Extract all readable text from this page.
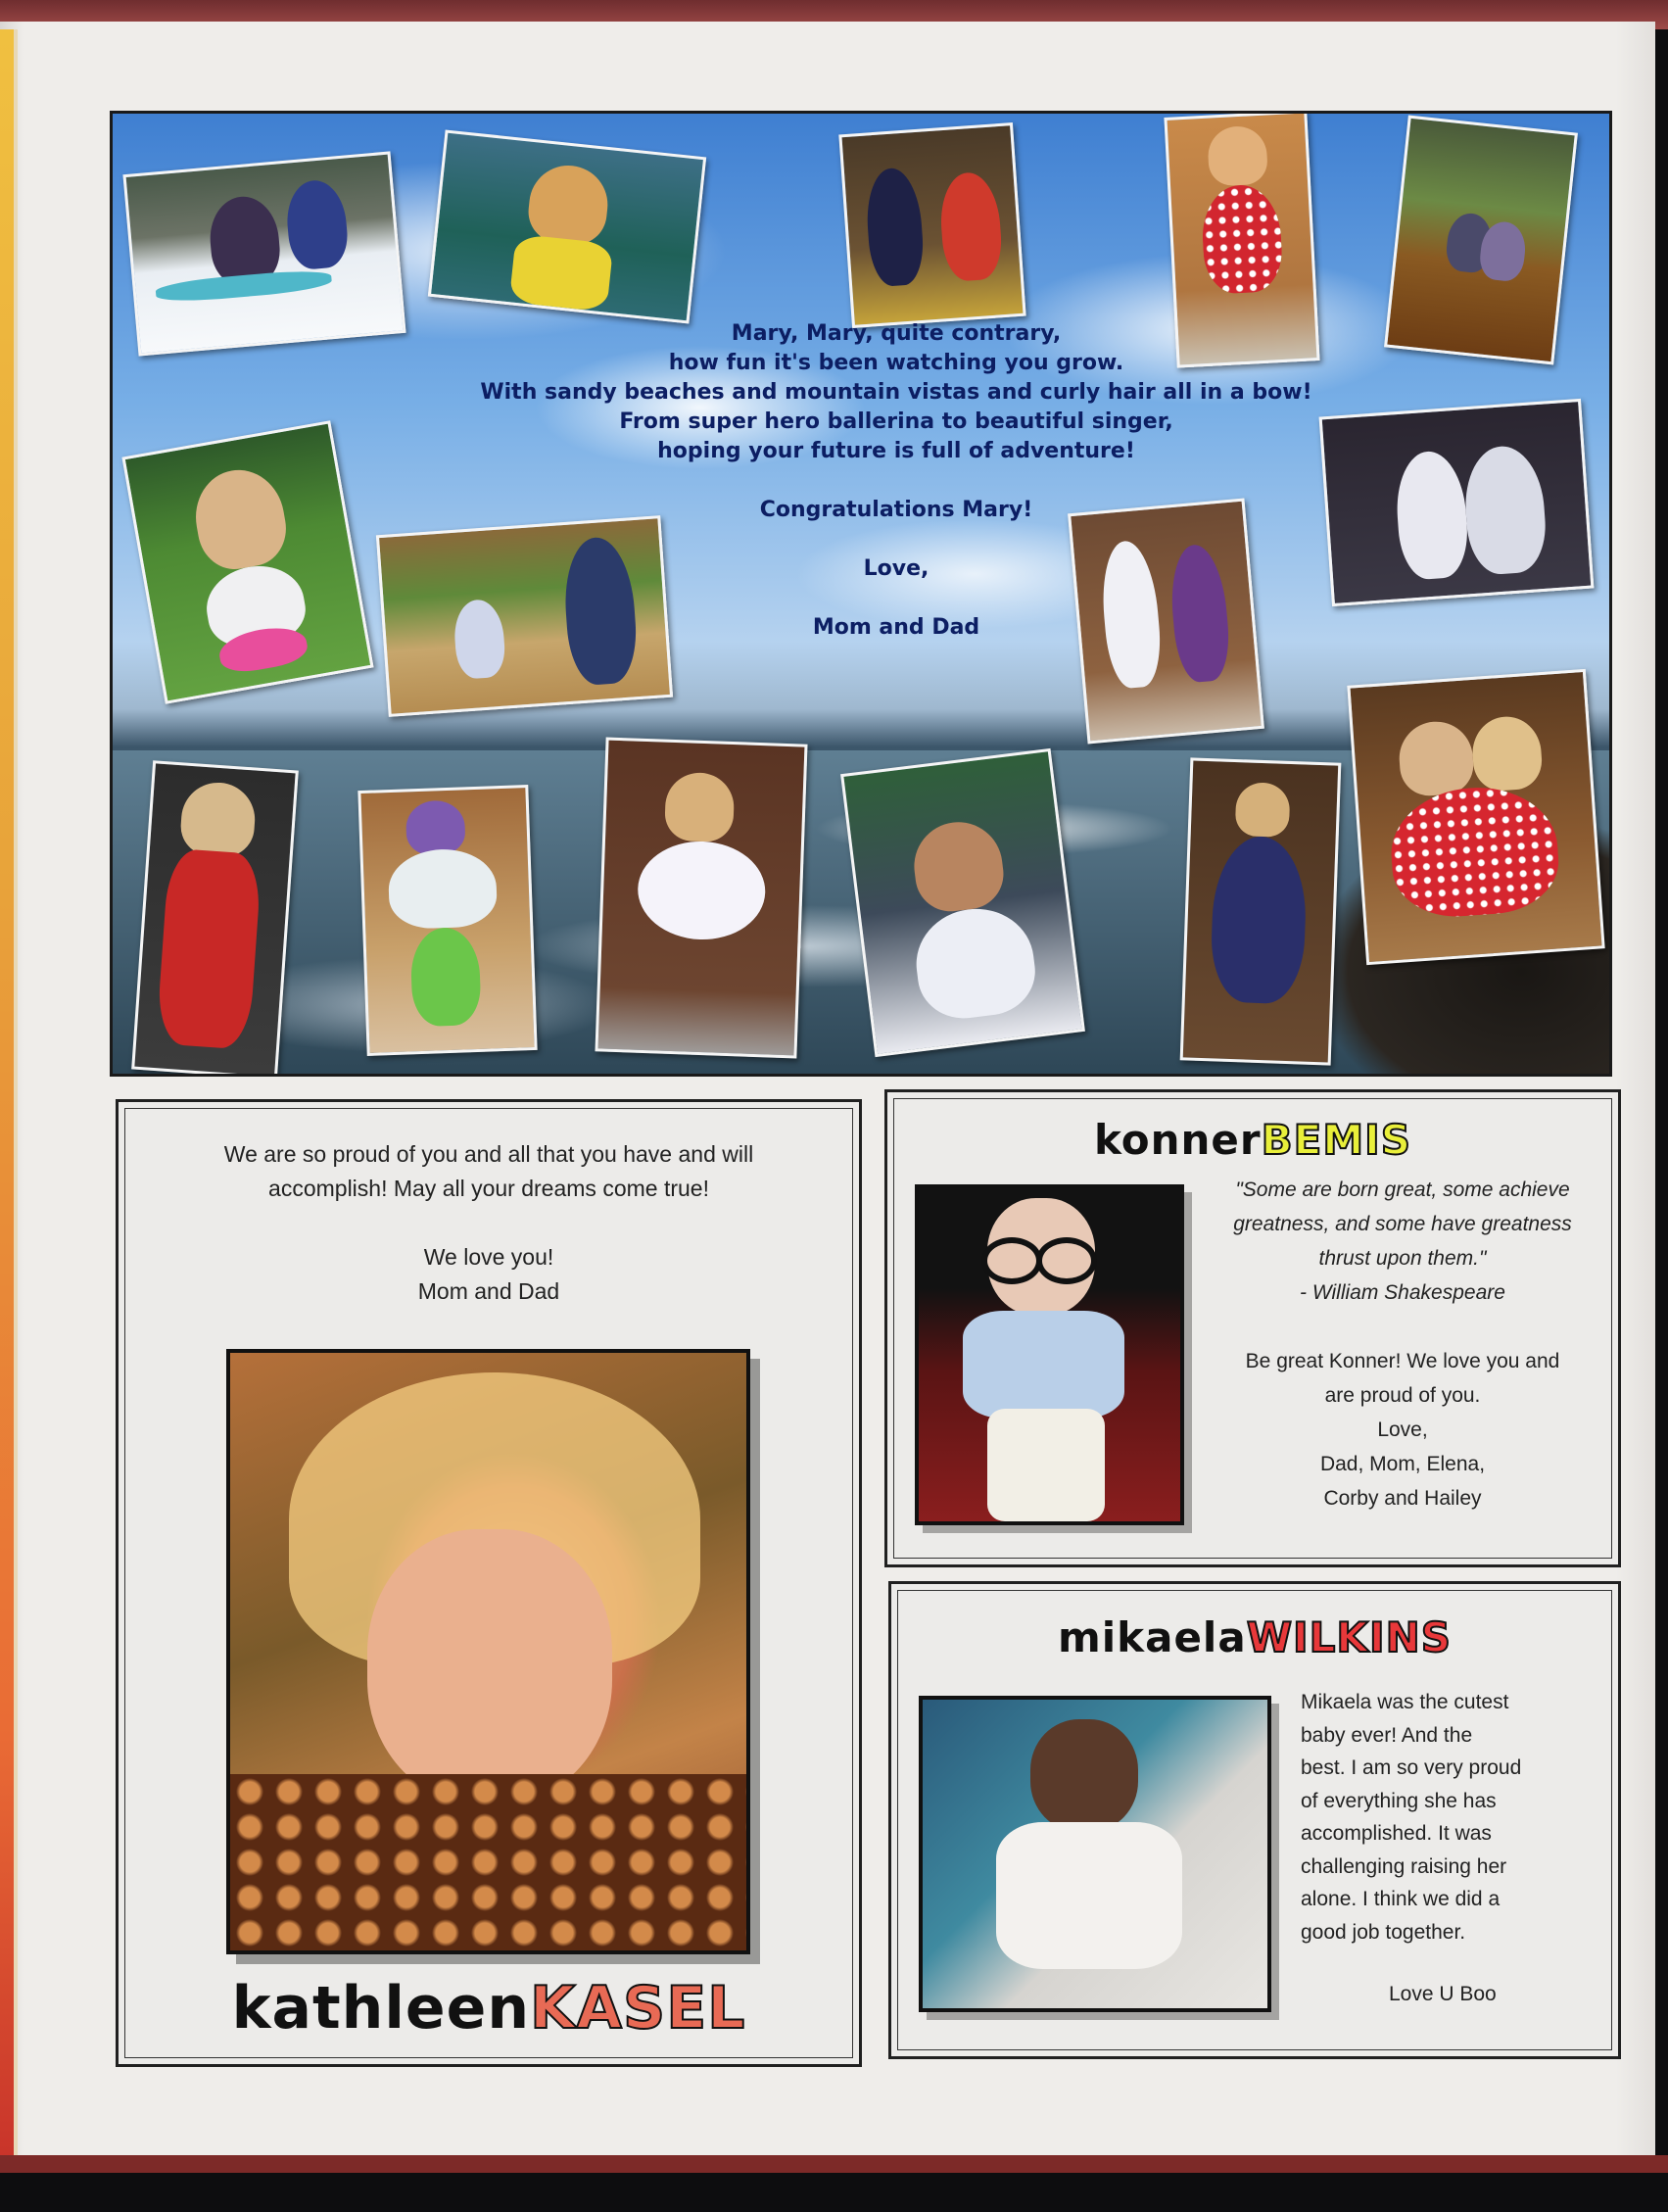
Mary, Mary, quite contrary,
how fun it's been watching you grow.
With sandy beaches and mountain vistas and curly hair all in a bow!
From super hero ballerina to beautiful singer,
hoping your future is full of adventure!
Congratulations Mary!
Love,
Mom and Dad
We are so proud of you and all that you have and will
accomplish! May all your dreams come true!
We love you!
Mom and Dad
kathleenKASEL
konnerBEMIS
"Some are born great, some achieve
greatness, and some have greatness
thrust upon them."
- William Shakespeare
Be great Konner! We love you and
are proud of you.
Love,
Dad, Mom, Elena,
Corby and Hailey
mikaelaWILKINS
Mikaela was the cutest
baby ever! And the
best. I am so very proud
of everything she has
accomplished. It was
challenging raising her
alone. I think we did a
good job together.
Love U Boo
